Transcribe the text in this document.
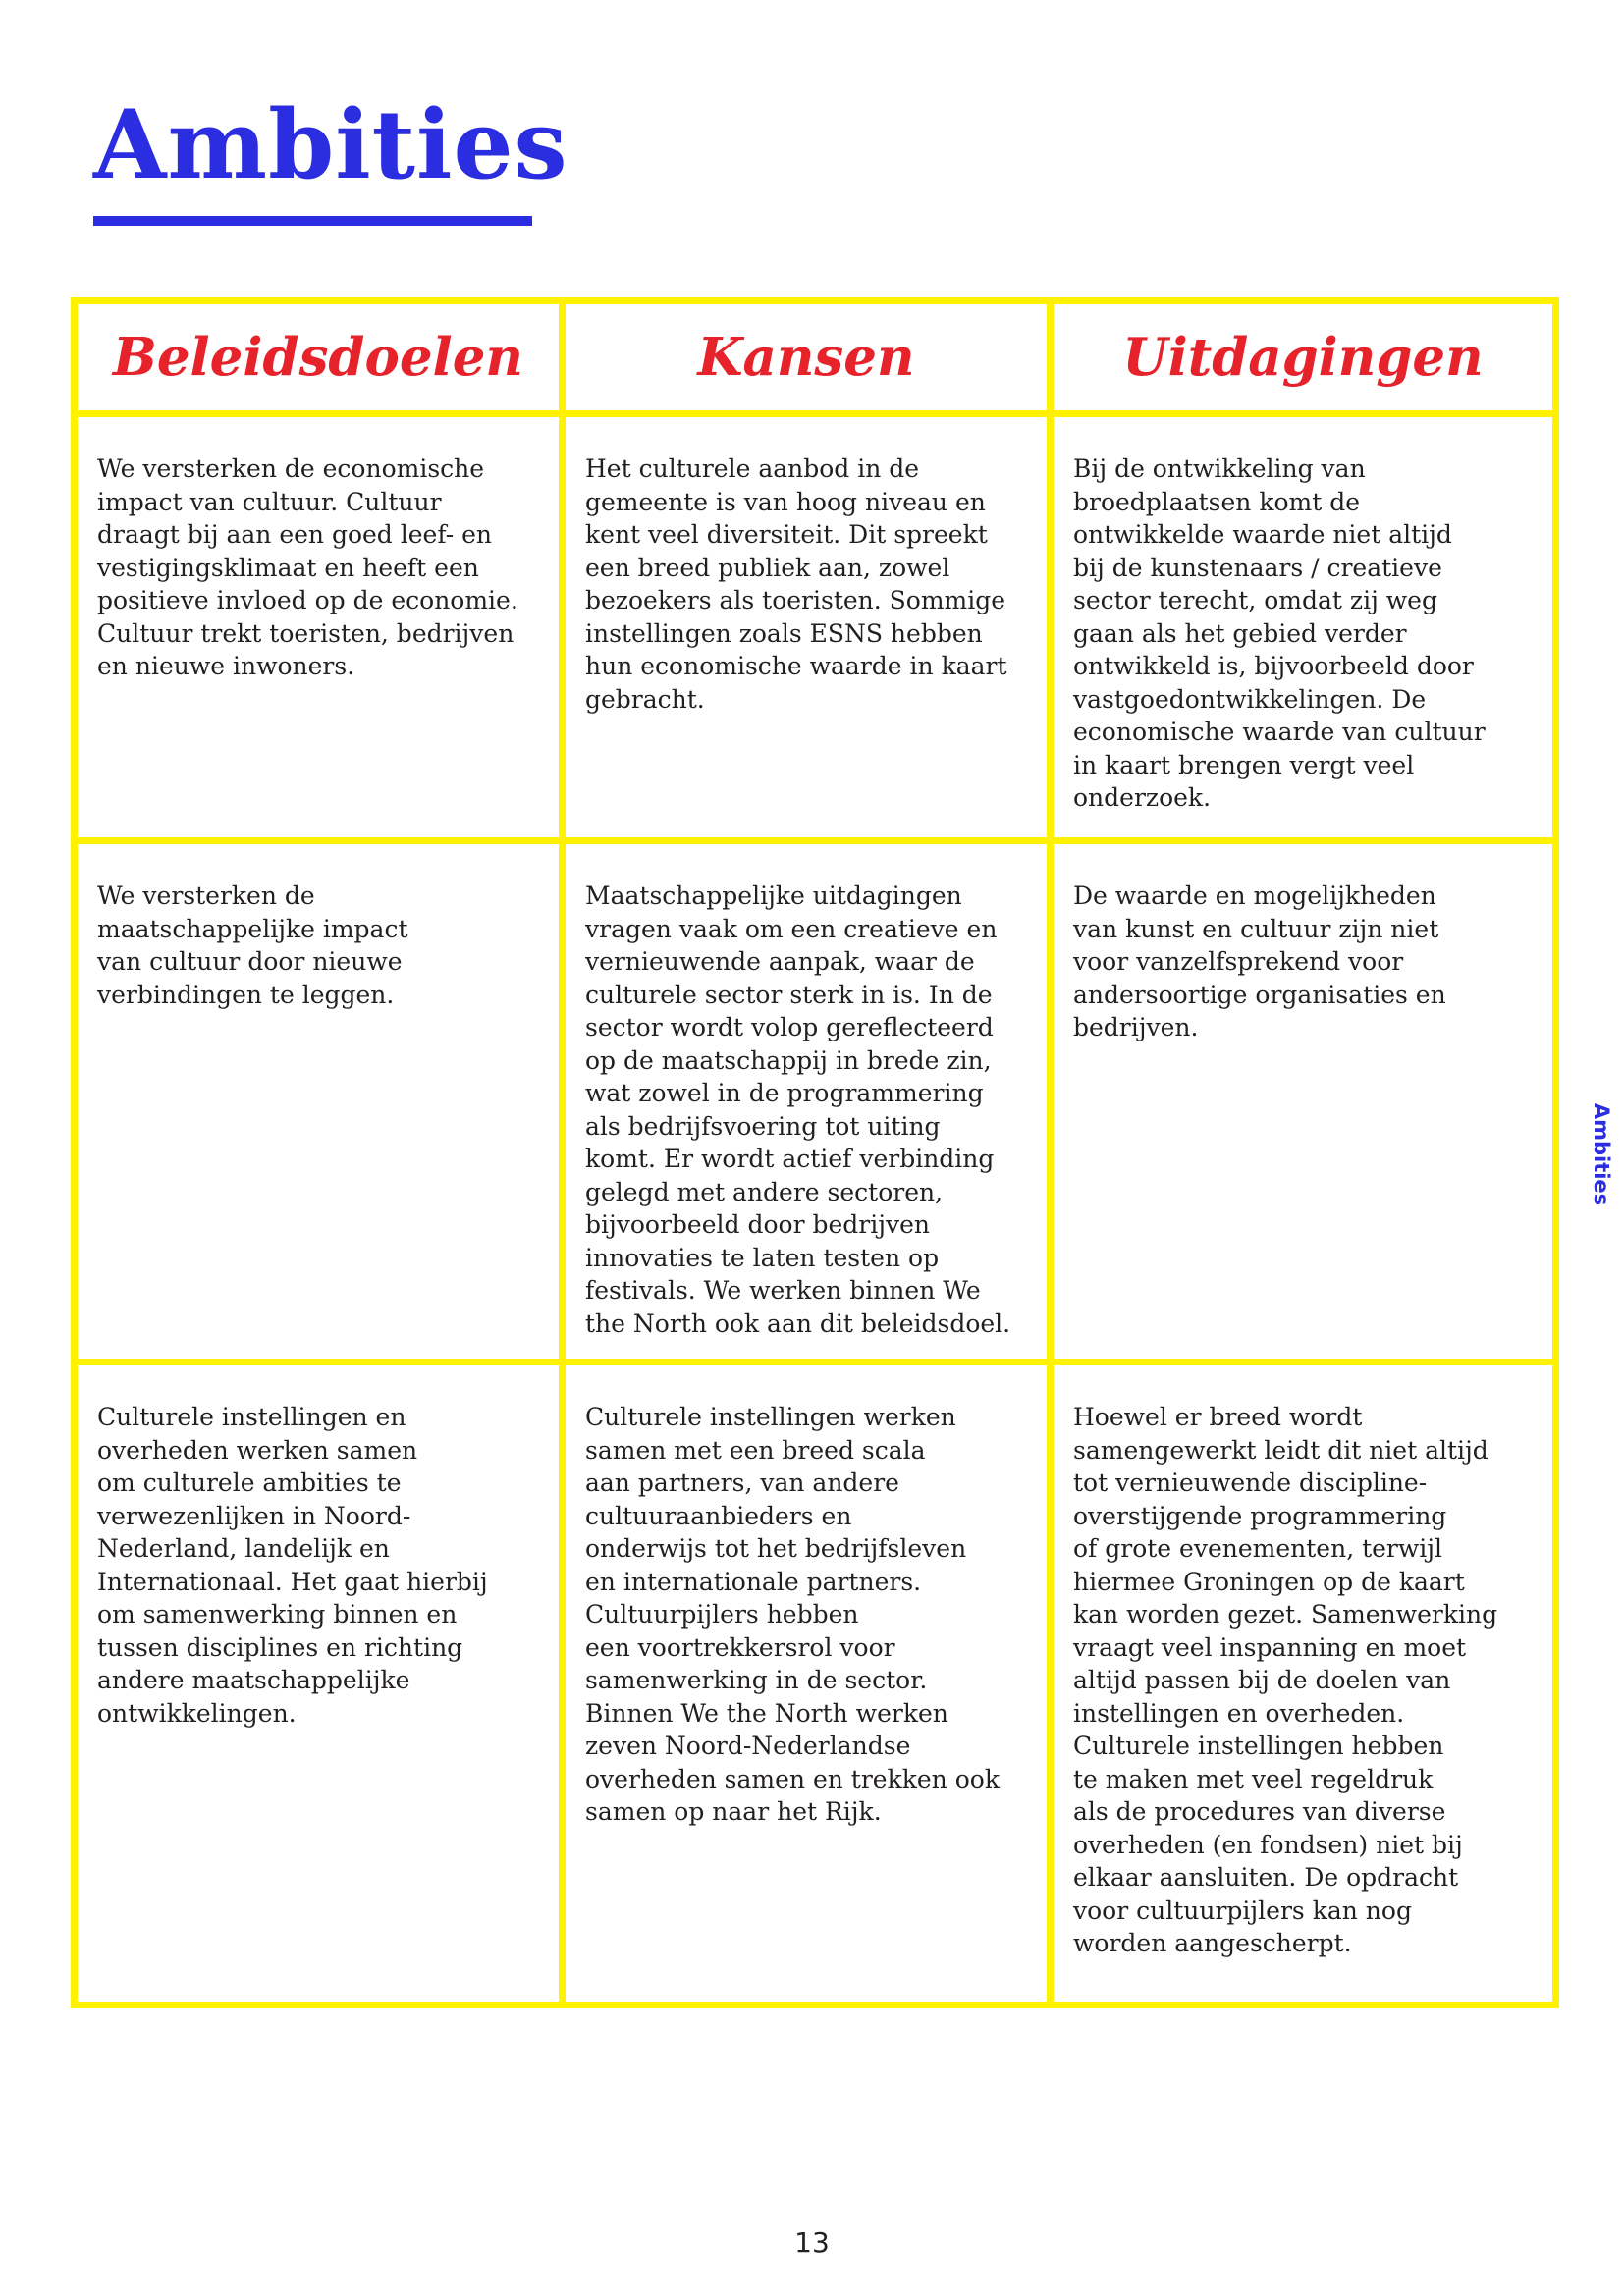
Ambities
Beleidsdoelen	Kansen	Uitdagingen
We versterken de economische
impact van cultuur. Cultuur
draagt bij aan een goed leef- en
vestigingsklimaat en heeft een
positieve invloed op de economie.
Cultuur trekt toeristen, bedrijven
en nieuwe inwoners.
Het culturele aanbod in de
gemeente is van hoog niveau en
kent veel diversiteit. Dit spreekt
een breed publiek aan, zowel
bezoekers als toeristen. Sommige
instellingen zoals ESNS hebben
hun economische waarde in kaart
gebracht.
Bij de ontwikkeling van
broedplaatsen komt de
ontwikkelde waarde niet altijd
bij de kunstenaars / creatieve
sector terecht, omdat zij weg
gaan als het gebied verder
ontwikkeld is, bijvoorbeeld door
vastgoedontwikkelingen. De
economische waarde van cultuur
in kaart brengen vergt veel
onderzoek.
We versterken de
maatschappelijke impact
van cultuur door nieuwe
verbindingen te leggen.
Maatschappelijke uitdagingen
vragen vaak om een creatieve en
vernieuwende aanpak, waar de
culturele sector sterk in is. In de
sector wordt volop gereflecteerd
op de maatschappij in brede zin,
wat zowel in de programmering
als bedrijfsvoering tot uiting
komt. Er wordt actief verbinding
gelegd met andere sectoren,
bijvoorbeeld door bedrijven
innovaties te laten testen op
festivals. We werken binnen We
the North ook aan dit beleidsdoel.
De waarde en mogelijkheden
van kunst en cultuur zijn niet
voor vanzelfsprekend voor
andersoortige organisaties en
bedrijven.
Culturele instellingen en
overheden werken samen
om culturele ambities te
verwezenlijken in Noord-
Nederland, landelijk en
Internationaal. Het gaat hierbij
om samenwerking binnen en
tussen disciplines en richting
andere maatschappelijke
ontwikkelingen.
Culturele instellingen werken
samen met een breed scala
aan partners, van andere
cultuuraanbieders en
onderwijs tot het bedrijfsleven
en internationale partners.
Cultuurpijlers hebben
een voortrekkersrol voor
samenwerking in de sector.
Binnen We the North werken
zeven Noord-Nederlandse
overheden samen en trekken ook
samen op naar het Rijk.
Hoewel er breed wordt
samengewerkt leidt dit niet altijd
tot vernieuwende discipline-
overstijgende programmering
of grote evenementen, terwijl
hiermee Groningen op de kaart
kan worden gezet. Samenwerking
vraagt veel inspanning en moet
altijd passen bij de doelen van
instellingen en overheden.
Culturele instellingen hebben
te maken met veel regeldruk
als de procedures van diverse
overheden (en fondsen) niet bij
elkaar aansluiten. De opdracht
voor cultuurpijlers kan nog
worden aangescherpt.
Ambities
13
